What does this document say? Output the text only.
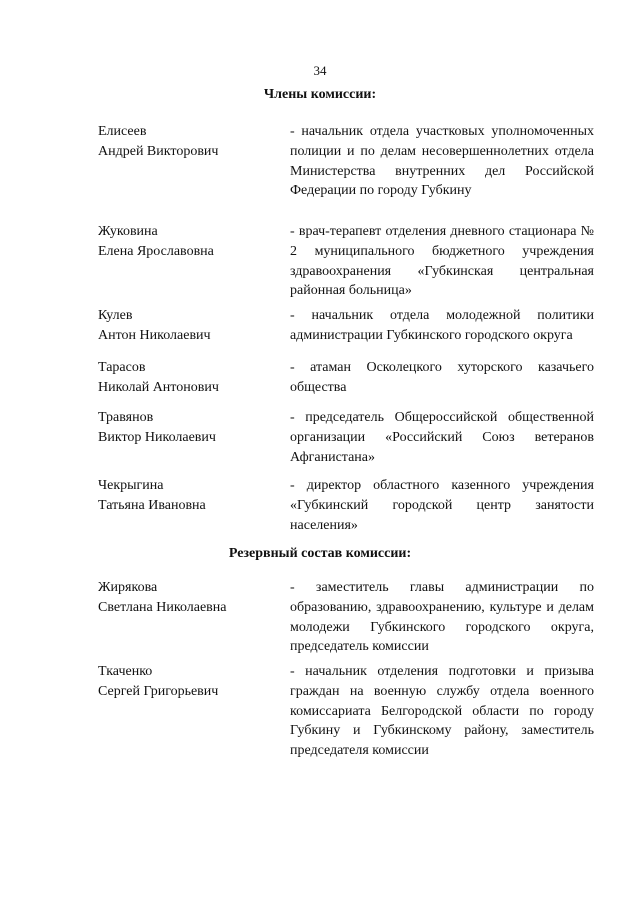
34
Члены комиссии:
Елисеев
Андрей Викторович
- начальник отдела участковых уполномоченных полиции и по делам несовершеннолетних отдела Министерства внутренних дел Российской Федерации по городу Губкину
Жуковина
Елена Ярославовна
- врач-терапевт отделения дневного стационара № 2 муниципального бюджетного учреждения здравоохранения «Губкинская центральная районная больница»
Кулев
Антон Николаевич
- начальник отдела молодежной политики администрации Губкинского городского округа
Тарасов
Николай Антонович
- атаман Осколецкого хуторского казачьего общества
Травянов
Виктор Николаевич
- председатель Общероссийской общественной организации «Российский Союз ветеранов Афганистана»
Чекрыгина
Татьяна Ивановна
- директор областного казенного учреждения «Губкинский городской центр занятости населения»
Резервный состав комиссии:
Жирякова
Светлана Николаевна
- заместитель главы администрации по образованию, здравоохранению, культуре и делам молодежи Губкинского городского округа, председатель комиссии
Ткаченко
Сергей Григорьевич
- начальник отделения подготовки и призыва граждан на военную службу отдела военного комиссариата Белгородской области по городу Губкину и Губкинскому району, заместитель председателя комиссии
